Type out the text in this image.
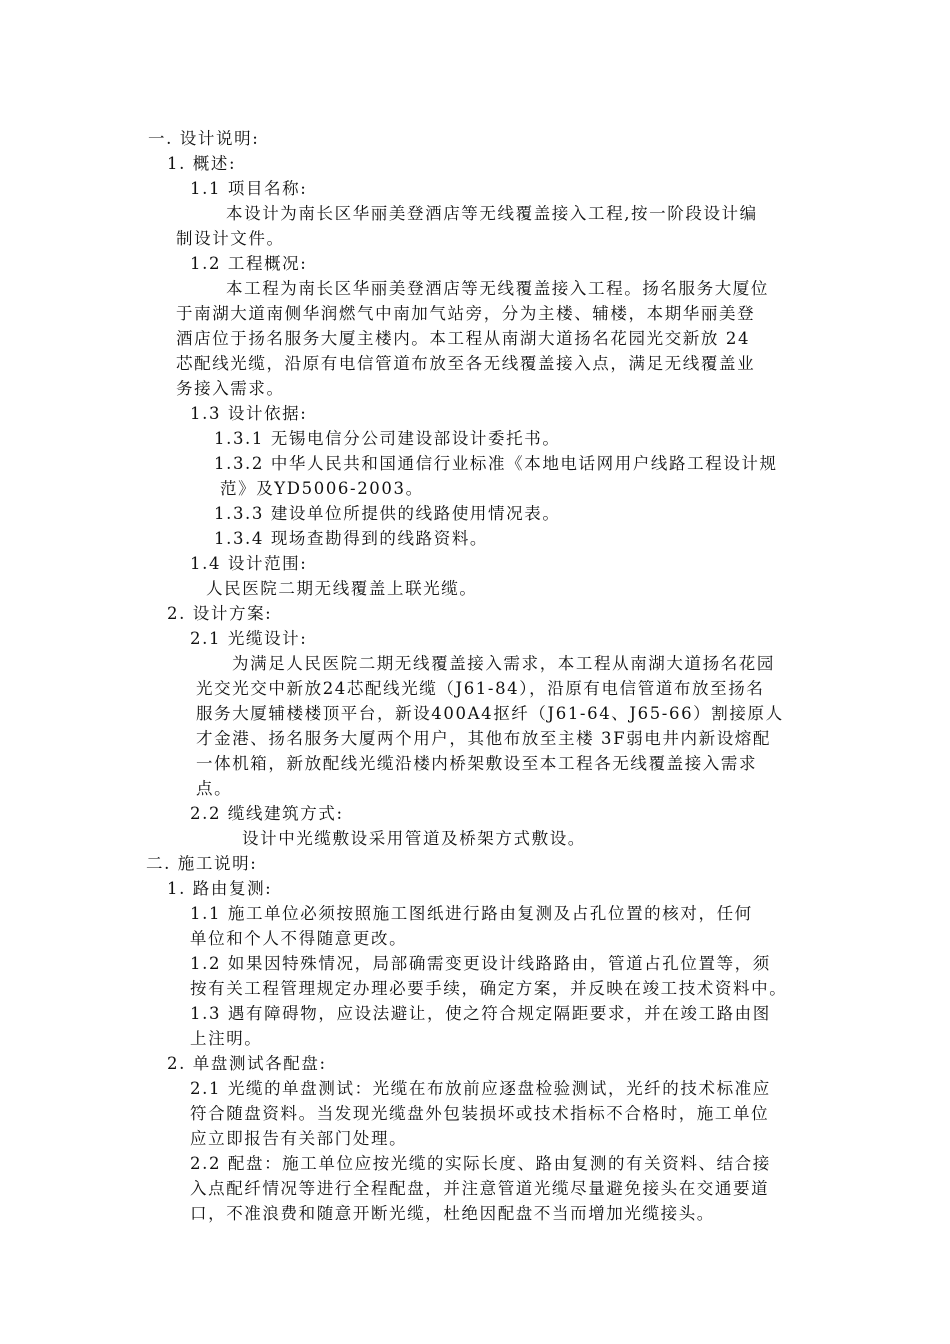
一. 设计说明:
1. 概述:
1.1 项目名称:
本设计为南长区华丽美登酒店等无线覆盖接入工程,按一阶段设计编
制设计文件。
1.2 工程概况:
本工程为南长区华丽美登酒店等无线覆盖接入工程。扬名服务大厦位
于南湖大道南侧华润燃气中南加气站旁，分为主楼、辅楼，本期华丽美登
酒店位于扬名服务大厦主楼内。本工程从南湖大道扬名花园光交新放 24
芯配线光缆，沿原有电信管道布放至各无线覆盖接入点，满足无线覆盖业
务接入需求。
1.3 设计依据:
1.3.1 无锡电信分公司建设部设计委托书。
1.3.2 中华人民共和国通信行业标准《本地电话网用户线路工程设计规
范》及YD5006-2003。
1.3.3 建设单位所提供的线路使用情况表。
1.3.4 现场查勘得到的线路资料。
1.4 设计范围:
人民医院二期无线覆盖上联光缆。
2. 设计方案:
2.1 光缆设计:
为满足人民医院二期无线覆盖接入需求，本工程从南湖大道扬名花园
光交光交中新放24芯配线光缆（J61-84），沿原有电信管道布放至扬名
服务大厦辅楼楼顶平台，新设400A4抠纤（J61-64、J65-66）割接原人
才金港、扬名服务大厦两个用户，其他布放至主楼 3F弱电井内新设熔配
一体机箱，新放配线光缆沿楼内桥架敷设至本工程各无线覆盖接入需求
点。
2.2 缆线建筑方式:
设计中光缆敷设采用管道及桥架方式敷设。
二. 施工说明:
1. 路由复测:
1.1 施工单位必须按照施工图纸进行路由复测及占孔位置的核对，任何
单位和个人不得随意更改。
1.2 如果因特殊情况，局部确需变更设计线路路由，管道占孔位置等，须
按有关工程管理规定办理必要手续，确定方案，并反映在竣工技术资料中。
1.3 遇有障碍物，应设法避让，使之符合规定隔距要求，并在竣工路由图
上注明。
2. 单盘测试各配盘:
2.1 光缆的单盘测试：光缆在布放前应逐盘检验测试，光纤的技术标准应
符合随盘资料。当发现光缆盘外包装损坏或技术指标不合格时，施工单位
应立即报告有关部门处理。
2.2 配盘：施工单位应按光缆的实际长度、路由复测的有关资料、结合接
入点配纤情况等进行全程配盘，并注意管道光缆尽量避免接头在交通要道
口，不准浪费和随意开断光缆，杜绝因配盘不当而增加光缆接头。
